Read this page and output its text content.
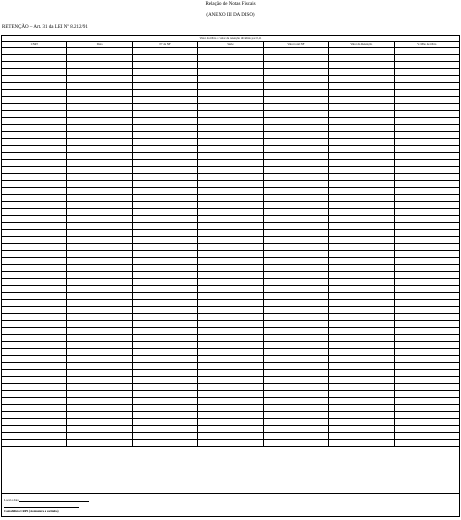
Relação de Notas Fiscais
(ANEXO III DA DISO)
RETENÇÃO – Art. 31 da LEI Nº 8.212/91
Valor da Obra = valor da retenção dividido por 0,11
CNPJ	Data	Nº da NF	Série	Valor total NF	Valor da Retenção	V. Mão de Obra
Local e data
Contabilista CRPS (Assinatura e carimbo)
